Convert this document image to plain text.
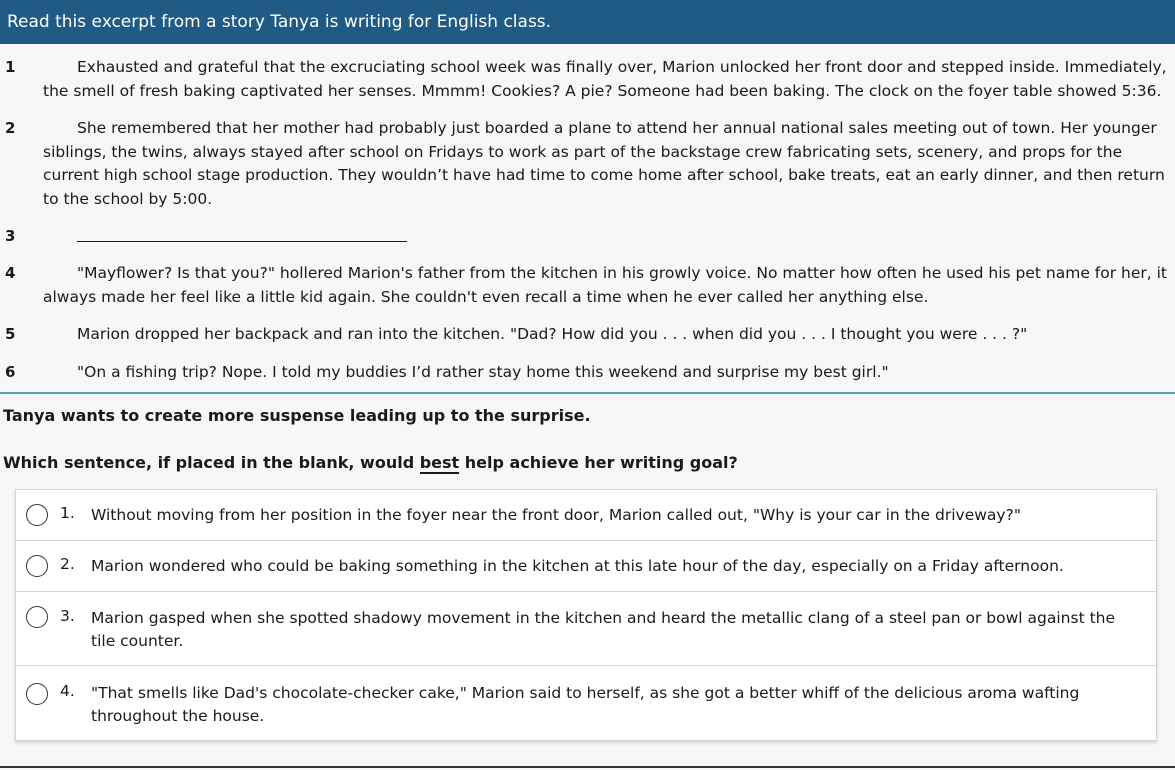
Read this excerpt from a story Tanya is writing for English class.
1	Exhausted and grateful that the excruciating school week was finally over, Marion unlocked her front door and stepped inside. Immediately, the smell of fresh baking captivated her senses. Mmmm! Cookies? A pie? Someone had been baking. The clock on the foyer table showed 5:36.
2	She remembered that her mother had probably just boarded a plane to attend her annual national sales meeting out of town. Her younger siblings, the twins, always stayed after school on Fridays to work as part of the backstage crew fabricating sets, scenery, and props for the current high school stage production. They wouldn’t have had time to come home after school, bake treats, eat an early dinner, and then return to the school by 5:00.
3
4	"Mayflower? Is that you?" hollered Marion's father from the kitchen in his growly voice. No matter how often he used his pet name for her, it always made her feel like a little kid again. She couldn't even recall a time when he ever called her anything else.
5	Marion dropped her backpack and ran into the kitchen. "Dad? How did you . . . when did you . . . I thought you were . . . ?"
6	"On a fishing trip? Nope. I told my buddies I’d rather stay home this weekend and surprise my best girl."
Tanya wants to create more suspense leading up to the surprise.
Which sentence, if placed in the blank, would best help achieve her writing goal?
1. Without moving from her position in the foyer near the front door, Marion called out, "Why is your car in the driveway?"
2. Marion wondered who could be baking something in the kitchen at this late hour of the day, especially on a Friday afternoon.
3. Marion gasped when she spotted shadowy movement in the kitchen and heard the metallic clang of a steel pan or bowl against the tile counter.
4. "That smells like Dad's chocolate-checker cake," Marion said to herself, as she got a better whiff of the delicious aroma wafting throughout the house.
